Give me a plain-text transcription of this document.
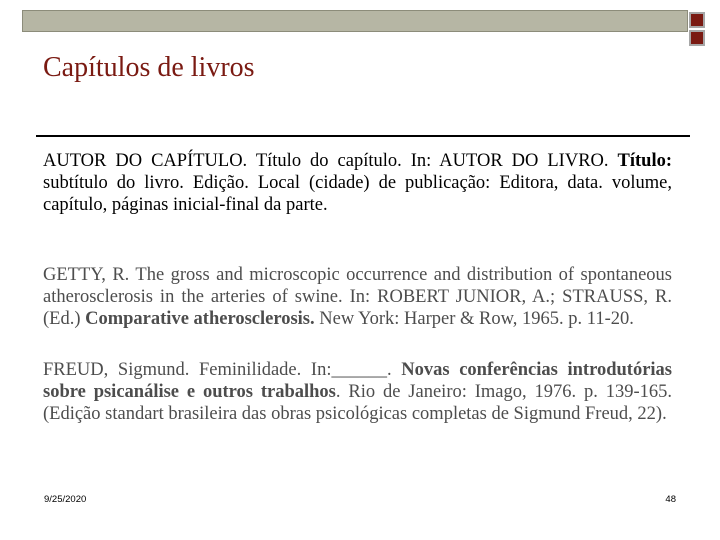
Capítulos de livros

AUTOR DO CAPÍTULO. Título do capítulo. In: AUTOR DO LIVRO. Título: subtítulo do livro. Edição. Local (cidade) de publicação: Editora, data. volume, capítulo, páginas inicial-final da parte.

GETTY, R. The gross and microscopic occurrence and distribution of spontaneous atherosclerosis in the arteries of swine. In: ROBERT JUNIOR, A.; STRAUSS, R. (Ed.) Comparative atherosclerosis. New York: Harper & Row, 1965. p. 11-20.

FREUD, Sigmund. Feminilidade. In:______. Novas conferências introdutórias sobre psicanálise e outros trabalhos. Rio de Janeiro: Imago, 1976. p. 139-165. (Edição standart brasileira das obras psicológicas completas de Sigmund Freud, 22).

9/25/2020	48
